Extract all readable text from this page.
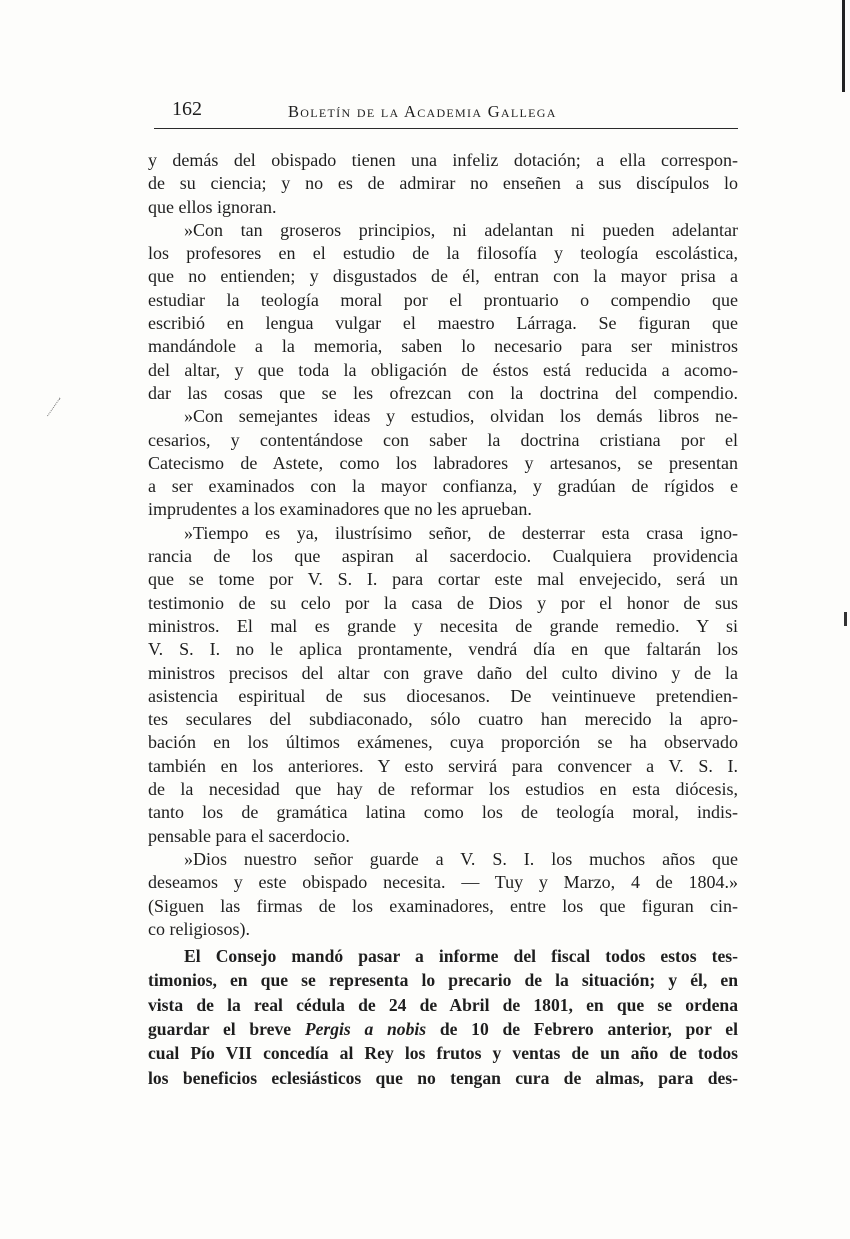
162	Boletín de la Academia Gallega
y demás del obispado tienen una infeliz dotación; a ella correspon-
de su ciencia; y no es de admirar no enseñen a sus discípulos lo
que ellos ignoran.
»Con tan groseros principios, ni adelantan ni pueden adelantar
los profesores en el estudio de la filosofía y teología escolástica,
que no entienden; y disgustados de él, entran con la mayor prisa a
estudiar la teología moral por el prontuario o compendio que
escribió en lengua vulgar el maestro Lárraga. Se figuran que
mandándole a la memoria, saben lo necesario para ser ministros
del altar, y que toda la obligación de éstos está reducida a acomo-
dar las cosas que se les ofrezcan con la doctrina del compendio.
»Con semejantes ideas y estudios, olvidan los demás libros ne-
cesarios, y contentándose con saber la doctrina cristiana por el
Catecismo de Astete, como los labradores y artesanos, se presentan
a ser examinados con la mayor confianza, y gradúan de rígidos e
imprudentes a los examinadores que no les aprueban.
»Tiempo es ya, ilustrísimo señor, de desterrar esta crasa igno-
rancia de los que aspiran al sacerdocio. Cualquiera providencia
que se tome por V. S. I. para cortar este mal envejecido, será un
testimonio de su celo por la casa de Dios y por el honor de sus
ministros. El mal es grande y necesita de grande remedio. Y si
V. S. I. no le aplica prontamente, vendrá día en que faltarán los
ministros precisos del altar con grave daño del culto divino y de la
asistencia espiritual de sus diocesanos. De veintinueve pretendien-
tes seculares del subdiaconado, sólo cuatro han merecido la apro-
bación en los últimos exámenes, cuya proporción se ha observado
también en los anteriores. Y esto servirá para convencer a V. S. I.
de la necesidad que hay de reformar los estudios en esta diócesis,
tanto los de gramática latina como los de teología moral, indis-
pensable para el sacerdocio.
»Dios nuestro señor guarde a V. S. I. los muchos años que
deseamos y este obispado necesita. — Tuy y Marzo, 4 de 1804.»
(Siguen las firmas de los examinadores, entre los que figuran cin-
co religiosos).
El Consejo mandó pasar a informe del fiscal todos estos tes-
timonios, en que se representa lo precario de la situación; y él, en
vista de la real cédula de 24 de Abril de 1801, en que se ordena
guardar el breve Pergis a nobis de 10 de Febrero anterior, por el
cual Pío VII concedía al Rey los frutos y ventas de un año de todos
los beneficios eclesiásticos que no tengan cura de almas, para des-
